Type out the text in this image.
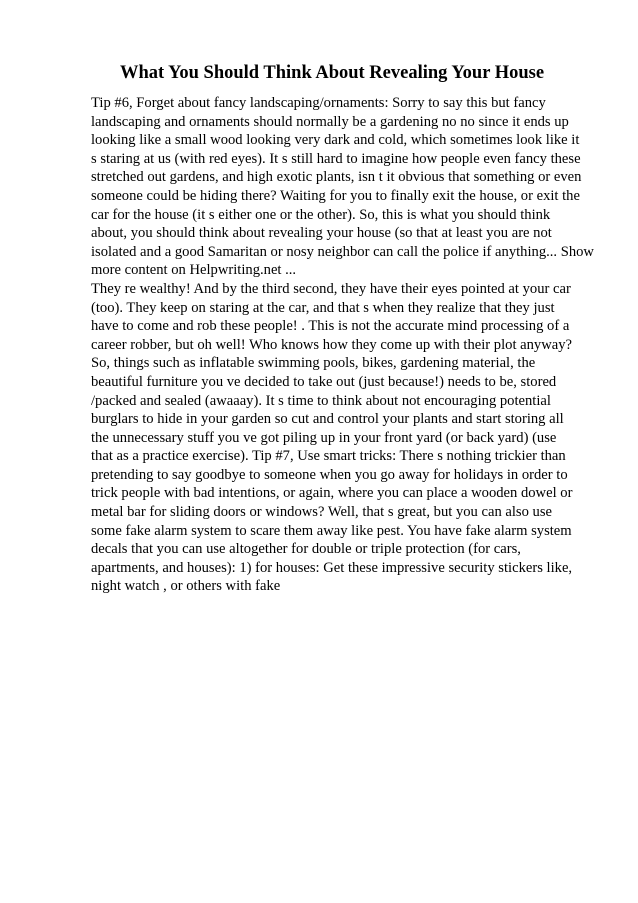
What You Should Think About Revealing Your House
Tip #6, Forget about fancy landscaping/ornaments: Sorry to say this but fancy
landscaping and ornaments should normally be a gardening no no since it ends up
looking like a small wood looking very dark and cold, which sometimes look like it
s staring at us (with red eyes). It s still hard to imagine how people even fancy these
stretched out gardens, and high exotic plants, isn t it obvious that something or even
someone could be hiding there? Waiting for you to finally exit the house, or exit the
car for the house (it s either one or the other). So, this is what you should think
about, you should think about revealing your house (so that at least you are not
isolated and a good Samaritan or nosy neighbor can call the police if anything... Show
more content on Helpwriting.net ...
They re wealthy! And by the third second, they have their eyes pointed at your car
(too). They keep on staring at the car, and that s when they realize that they just
have to come and rob these people! . This is not the accurate mind processing of a
career robber, but oh well! Who knows how they come up with their plot anyway?
So, things such as inflatable swimming pools, bikes, gardening material, the
beautiful furniture you ve decided to take out (just because!) needs to be, stored
/packed and sealed (awaaay). It s time to think about not encouraging potential
burglars to hide in your garden so cut and control your plants and start storing all
the unnecessary stuff you ve got piling up in your front yard (or back yard) (use
that as a practice exercise). Tip #7, Use smart tricks: There s nothing trickier than
pretending to say goodbye to someone when you go away for holidays in order to
trick people with bad intentions, or again, where you can place a wooden dowel or
metal bar for sliding doors or windows? Well, that s great, but you can also use
some fake alarm system to scare them away like pest. You have fake alarm system
decals that you can use altogether for double or triple protection (for cars,
apartments, and houses): 1) for houses: Get these impressive security stickers like,
night watch , or others with fake
